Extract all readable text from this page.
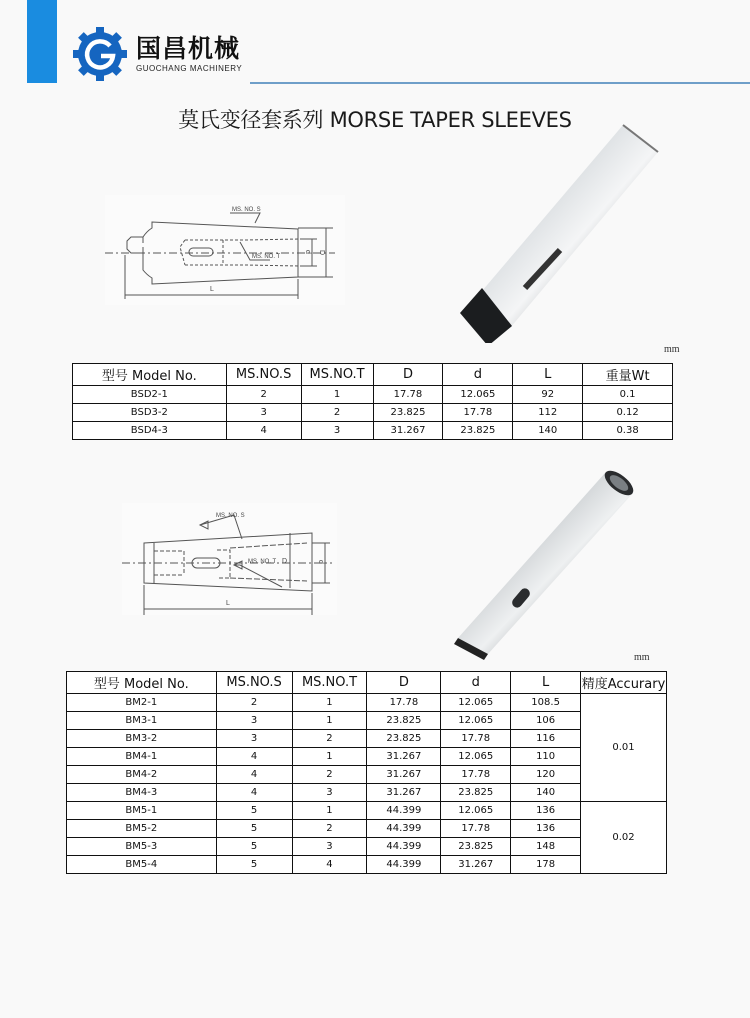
国昌机械
GUOCHANG MACHINERY
莫氏变径套系列 MORSE TAPER SLEEVES
MS. NO. S
MS. NO. T
d D
L
mm
型号 Model No.	MS.NO.S	MS.NO.T	D	d	L	重量Wt
BSD2-1	2	1	17.78	12.065	92	0.1
BSD3-2	3	2	23.825	17.78	112	0.12
BSD4-3	4	3	31.267	23.825	140	0.38
MS. NO. S
MS. NO. T D	d
L
mm
型号 Model No.	MS.NO.S	MS.NO.T	D	d	L	精度Accurary
BM2-1	2	1	17.78	12.065	108.5	0.01
BM3-1	3	1	23.825	12.065	106	
BM3-2	3	2	23.825	17.78	116	
BM4-1	4	1	31.267	12.065	110	
BM4-2	4	2	31.267	17.78	120	
BM4-3	4	3	31.267	23.825	140	
BM5-1	5	1	44.399	12.065	136	0.02
BM5-2	5	2	44.399	17.78	136	
BM5-3	5	3	44.399	23.825	148	
BM5-4	5	4	44.399	31.267	178	
